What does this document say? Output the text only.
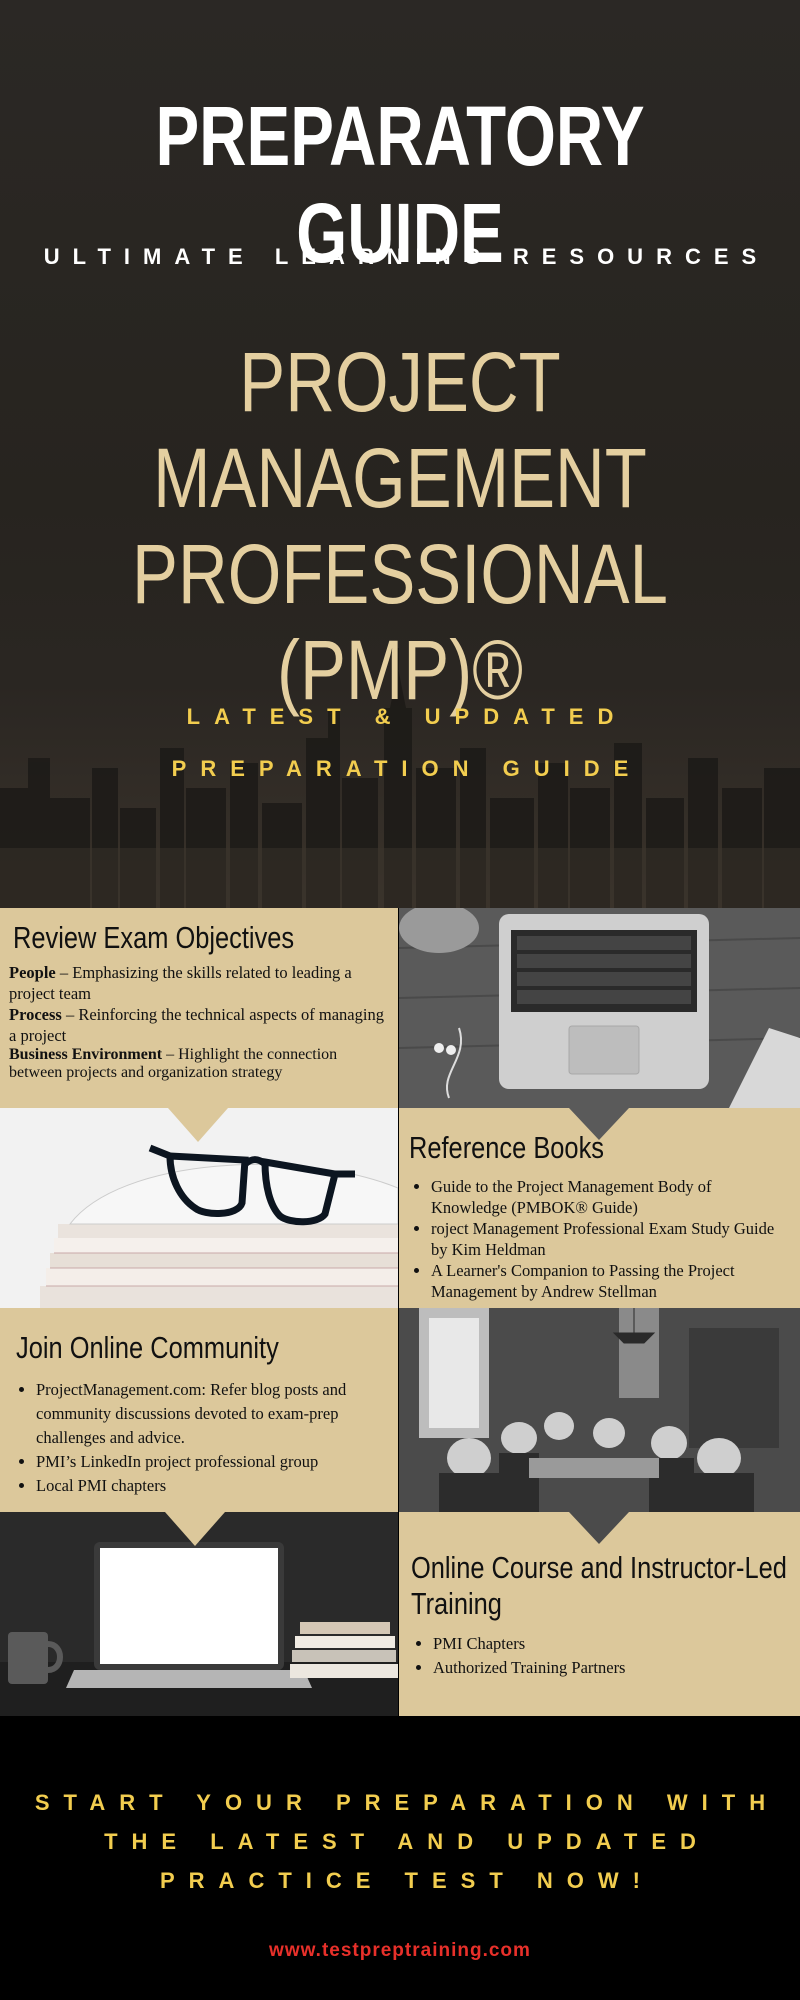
PREPARATORY GUIDE
ULTIMATE LEARNING RESOURCES
PROJECT MANAGEMENT
PROFESSIONAL
(PMP)®
LATEST & UPDATED
PREPARATION GUIDE
Review Exam Objectives

People – Emphasizing the skills related to leading a project team

Process – Reinforcing the technical aspects of managing a project

Business Environment – Highlight the connection between projects and organization strategy

Reference Books
• Guide to the Project Management Body of Knowledge (PMBOK® Guide)
• roject Management Professional Exam Study Guide by Kim Heldman
• A Learner's Companion to Passing the Project Management by Andrew Stellman
Join Online Community
• ProjectManagement.com: Refer blog posts and community discussions devoted to exam-prep challenges and advice.
• PMI’s LinkedIn project professional group
• Local PMI chapters
Online Course and Instructor-Led Training
• PMI Chapters
• Authorized Training Partners
START YOUR PREPARATION WITH
THE LATEST AND UPDATED
PRACTICE TEST NOW!
www.testpreptraining.com
